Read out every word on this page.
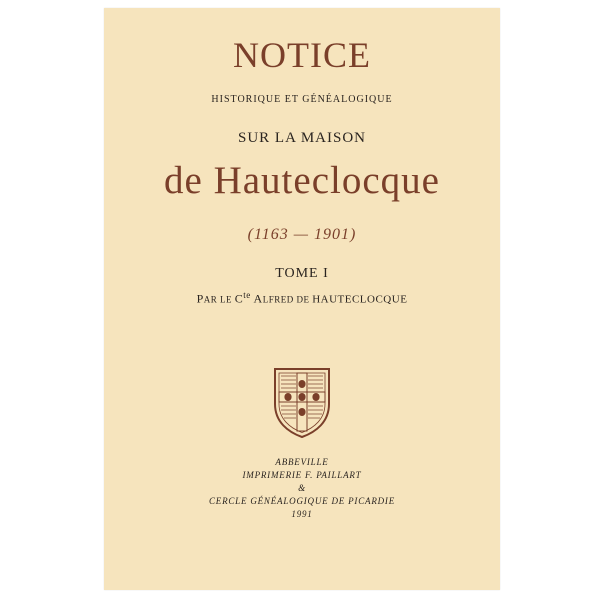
NOTICE
HISTORIQUE ET GÉNÉALOGIQUE
SUR LA MAISON
de Hauteclocque
(1163 — 1901)
TOME I
PAR LE $C^{te}$ ALFRED DE HAUTECLOCQUE
ABBEVILLE
IMPRIMERIE F. PAILLART
&
CERCLE GÉNÉALOGIQUE DE PICARDIE
1991
